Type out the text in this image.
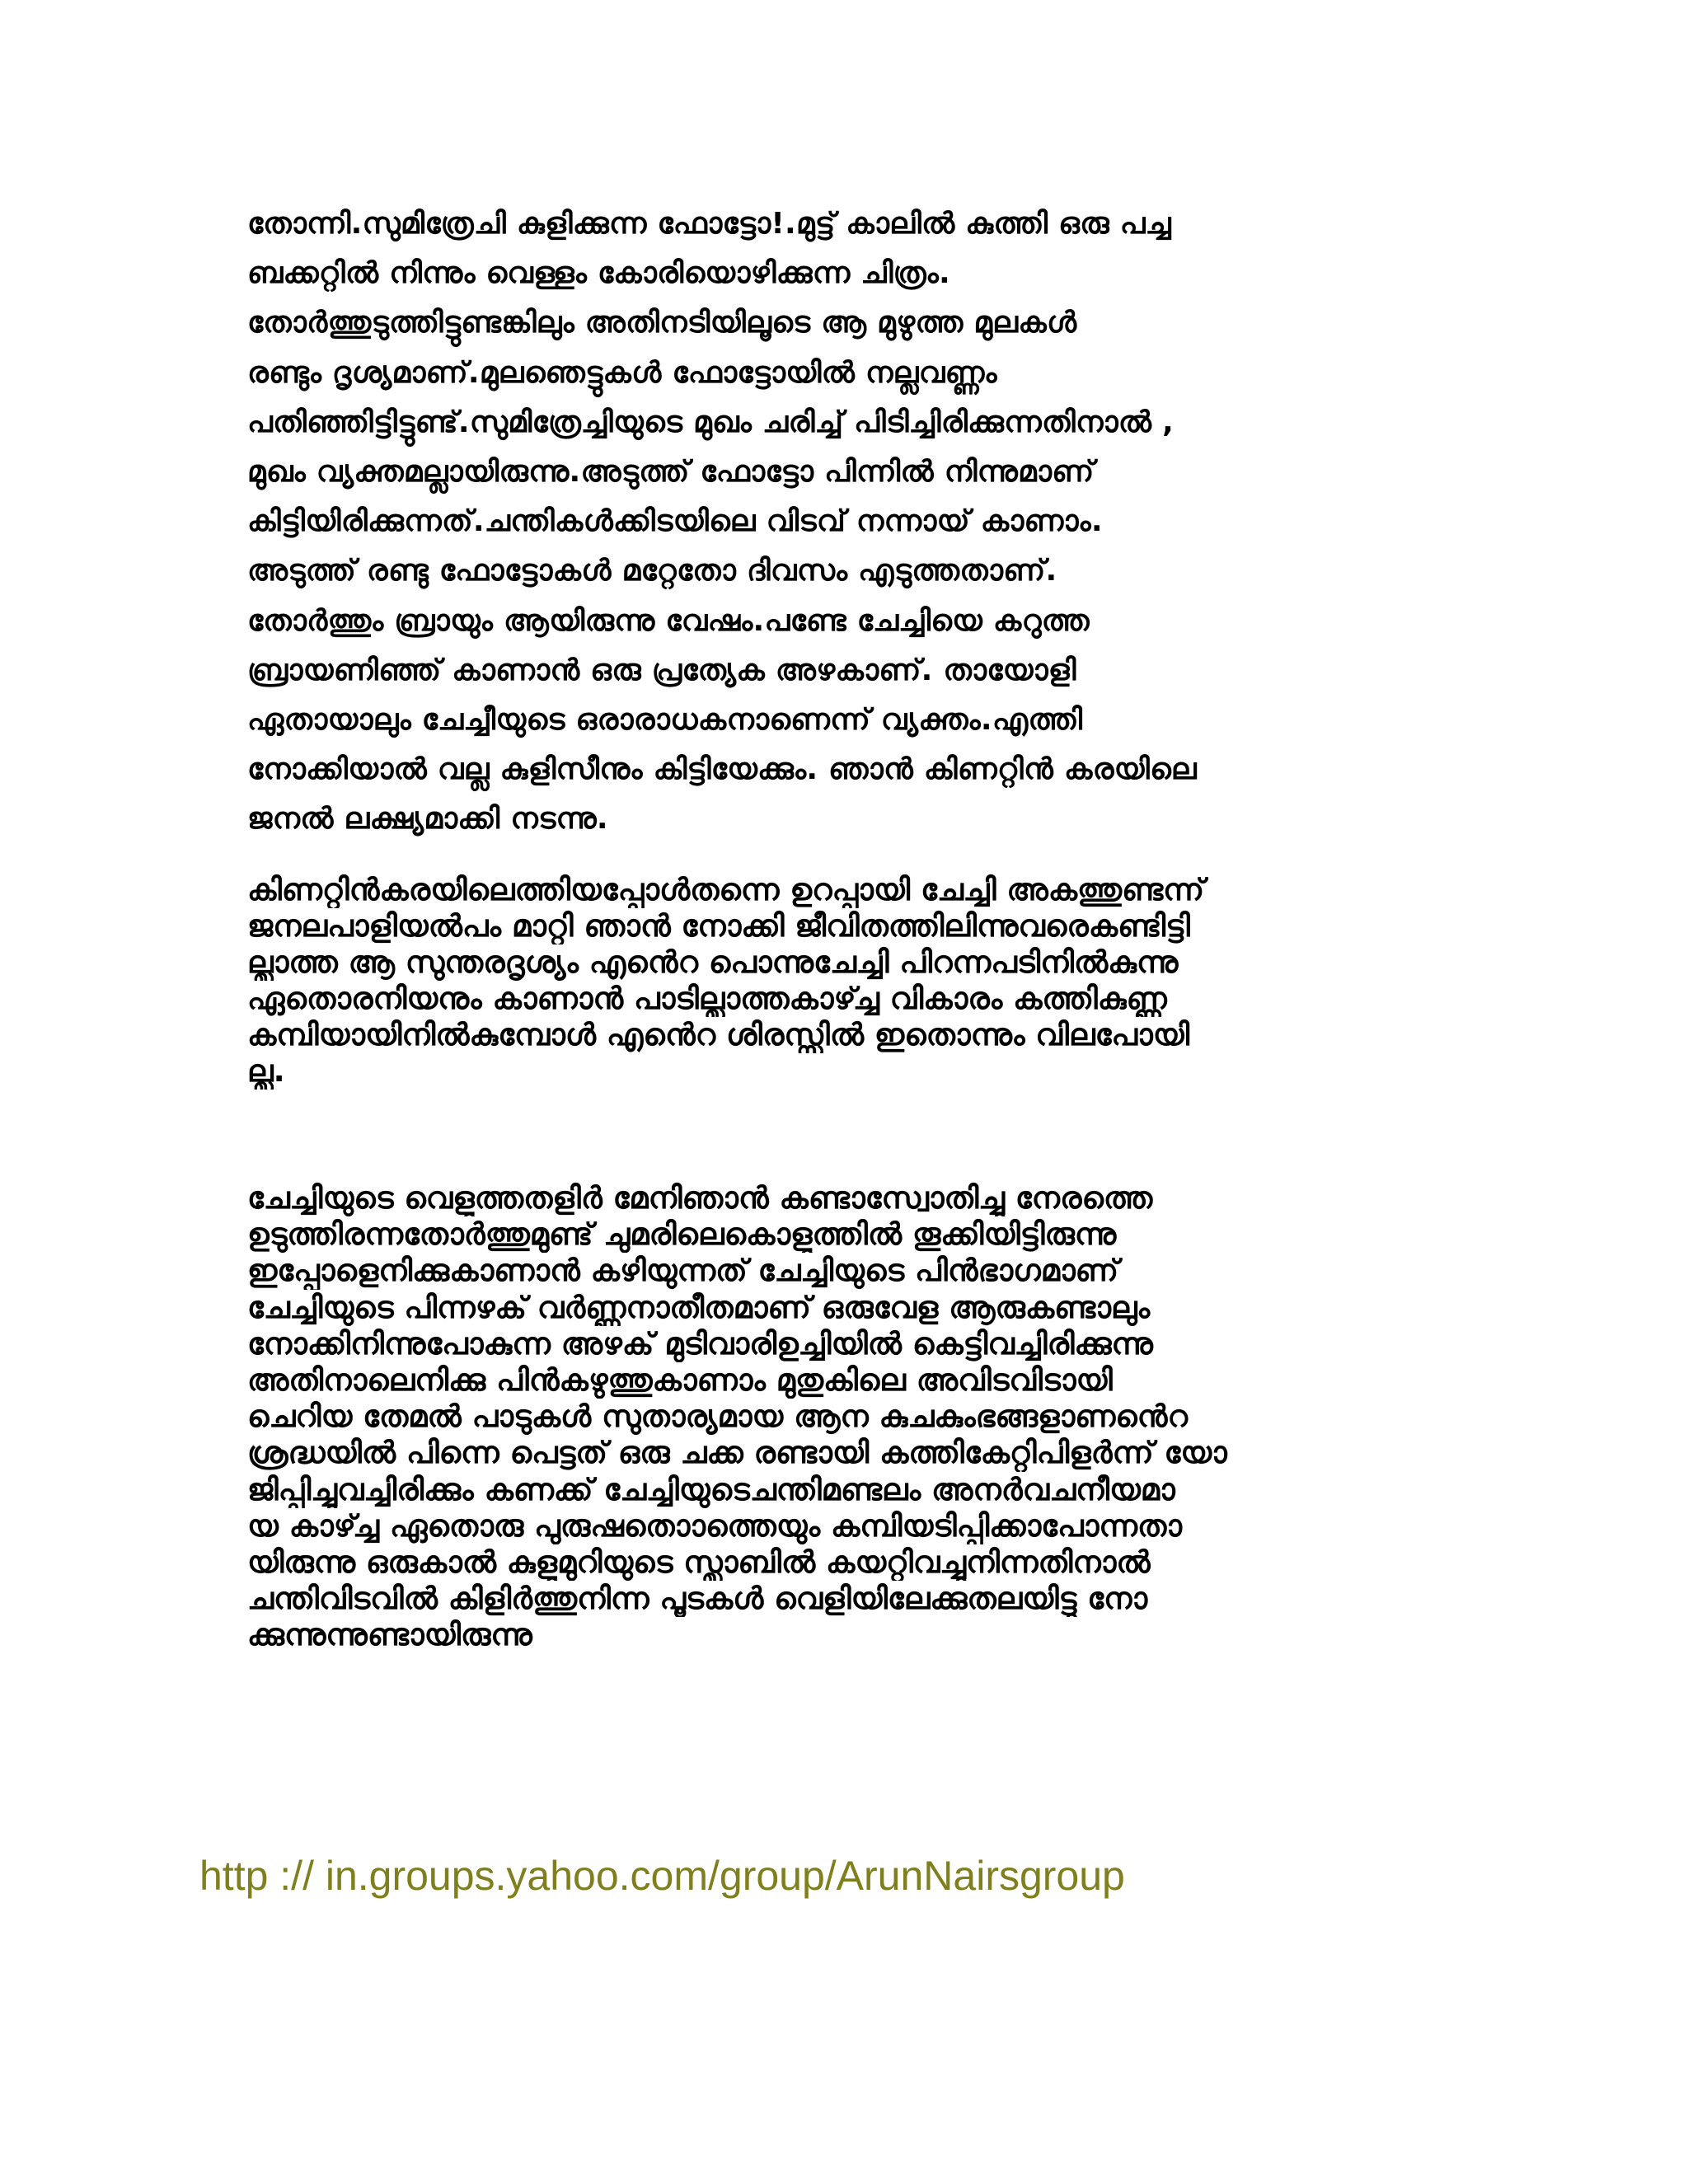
തോന്നി.സുമിത്രേചി കുളിക്കുന്ന ഫോട്ടോ!.മുട്ട് കാലിൽ കുത്തി ഒരു പച്ച
ബക്കറ്റിൽ നിന്നും വെള്ളം കോരിയൊഴിക്കുന്ന ചിത്രം.
തോർത്തുടുത്തിട്ടുണ്ടങ്കിലും അതിനടിയിലൂടെ ആ മുഴുത്ത മുലകൾ
രണ്ടും ദൃശ്യമാണ്.മുലഞെട്ടുകൾ ഫോട്ടോയിൽ നല്ലവണ്ണം
പതിഞ്ഞിട്ടിട്ടുണ്ട്.സുമിത്രേച്ചിയുടെ മുഖം ചരിച്ച് പിടിച്ചിരിക്കുന്നതിനാൽ ,
മുഖം വ്യക്തമല്ലായിരുന്നു.അടുത്ത് ഫോട്ടോ പിന്നിൽ നിന്നുമാണ്
കിട്ടിയിരിക്കുന്നത്.ചന്തികൾക്കിടയിലെ വിടവ് നന്നായ് കാണാം.
അടുത്ത് രണ്ടു ഫോട്ടോകൾ മറ്റേതോ ദിവസം എടുത്തതാണ്.
തോർത്തും ബ്രായും ആയിരുന്നു വേഷം.പണ്ടേ ചേച്ചിയെ കറുത്ത
ബ്രായണിഞ്ഞ് കാണാൻ ഒരു പ്രത്യേക അഴകാണ്. തായോളി
ഏതായാലും ചേച്ചീയുടെ ഒരാരാധകനാണെന്ന് വ്യക്തം.എത്തി
നോക്കിയാൽ വല്ല കുളിസീനും കിട്ടിയേക്കും. ഞാൻ കിണറ്റിൻ കരയിലെ
ജനൽ ലക്ഷ്യമാക്കി നടന്നു.
കിണറ്റിൻകരയിലെത്തിയപ്പോൾതന്നെ ഉറപ്പായി ചേച്ചി അകത്തുണ്ടന്ന്
ജനലപാളിയൽപം മാറ്റി ഞാൻ നോക്കി ജീവിതത്തിലിന്നുവരെകണ്ടിട്ടി
ല്ലാത്ത ആ സുന്തരദൃശ്യം എൻെറ പൊന്നുചേച്ചി പിറന്നപടിനിൽകുന്നു
ഏതൊരനിയനും കാണാൻ പാടില്ലാത്തകാഴ്ച്ച വികാരം കത്തികുണ്ണ
കമ്പിയായിനിൽകുമ്പോൾ എൻെറ ശിരസ്സിൽ ഇതൊന്നും വിലപോയി
ല്ല.
ചേച്ചിയുടെ വെളുത്തതളിർ മേനിഞാൻ കണ്ടാസ്വോതിച്ചു നേരത്തെ
ഉടുത്തിരന്നതോർത്തുമുണ്ട് ചുമരിലെകൊളുത്തിൽ തൂക്കിയിട്ടിരുന്നു
ഇപ്പോളെനിക്കുകാണാൻ കഴിയുന്നത് ചേച്ചിയുടെ പിൻഭാഗമാണ്
ചേച്ചിയുടെ പിന്നഴക് വർണ്ണനാതീതമാണ് ഒരുവേള ആരുകണ്ടാലും
നോക്കിനിന്നുപോകുന്ന അഴക് മുടിവാരിഉച്ചിയിൽ കെട്ടിവച്ചിരിക്കുന്നു
അതിനാലെനിക്കു പിൻകഴുത്തുകാണാം മുതുകിലെ അവിടവിടായി
ചെറിയ തേമൽ പാടുകൾ സുതാര്യമായ ആന കുചകുംഭങ്ങളാണൻെറ
ശ്രദ്ധയിൽ പിന്നെ പെട്ടത് ഒരു ചക്ക രണ്ടായി കത്തികേറ്റിപിളർന്ന് യോ
ജിപ്പിച്ചുവച്ചിരിക്കും കണക്ക് ചേച്ചിയുടെചന്തിമണ്ടലം അനർവചനീയമാ
യ കാഴ്ച്ച ഏതൊരു പുരുഷതൊാത്തെയും കമ്പിയടിപ്പിക്കാപോന്നതാ
യിരുന്നു ഒരുകാൽ കുളുമുറിയുടെ സ്ലാബിൽ കയറ്റിവച്ചുനിന്നതിനാൽ
ചന്തിവിടവിൽ കിളിർത്തുനിന്ന പൂടകൾ വെളിയിലേക്കുതലയിട്ടു നോ
ക്കുന്നുന്നുണ്ടായിരുന്നു
http :// in.groups.yahoo.com/group/ArunNairsgroup
